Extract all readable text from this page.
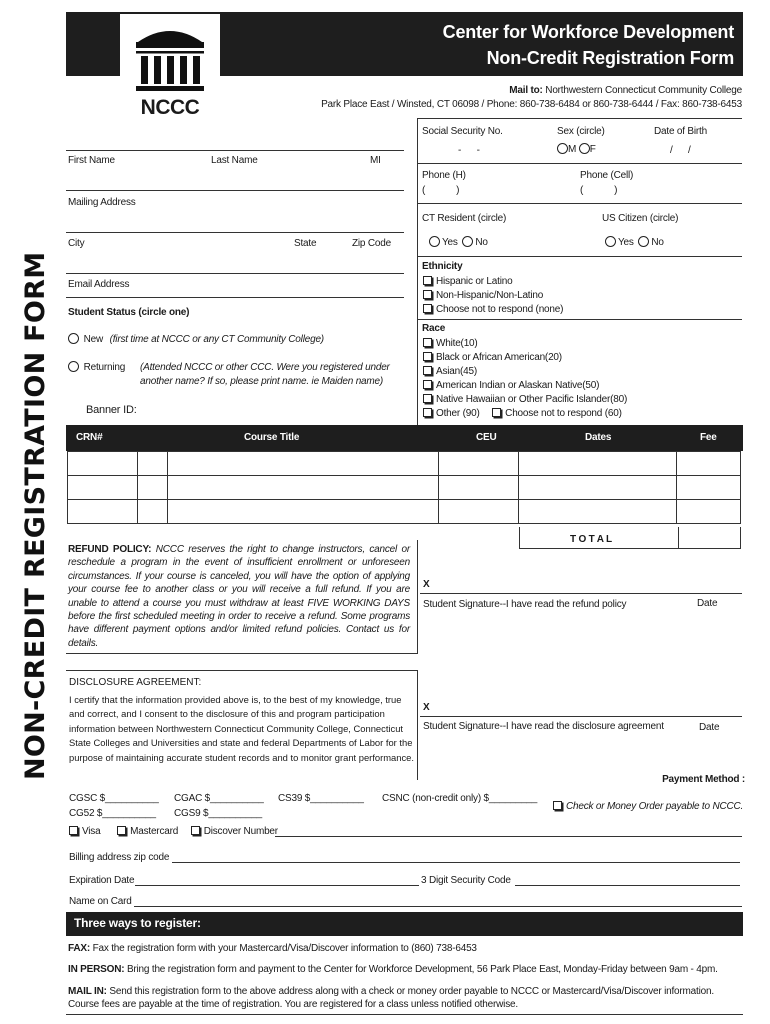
NON-CREDIT REGISTRATION FORM
NCCC
Center for Workforce Development
Non-Credit Registration Form
Mail to: Northwestern Connecticut Community College
Park Place East / Winsted, CT 06098 / Phone: 860-738-6484 or 860-738-6444 / Fax: 860-738-6453
First Name	Last Name	MI
Mailing Address
City	State	Zip Code
Email Address
Student Status (circle one)
New (first time at NCCC or any CT Community College)
Returning (Attended NCCC or other CCC. Were you registered under
another name? If so, please print name. ie Maiden name)
Banner ID:
Social Security No.
-      -
Sex (circle)
M F
Date of Birth
/      /
Phone (H)
(            )
Phone (Cell)
(            )
CT Resident (circle)
Yes No
US Citizen (circle)
Yes No
Ethnicity
Hispanic or Latino
Non-Hispanic/Non-Latino
Choose not to respond (none)
Race
White(10)
Black or African American(20)
Asian(45)
American Indian or Alaskan Native(50)
Native Hawaiian or Other Pacific Islander(80)
Other (90)	Choose not to respond (60)
CRN#	Course Title	CEU	Dates	Fee

T O T A L
REFUND POLICY: NCCC reserves the right to change instructors, cancel or reschedule a program in the event of insufficient enrollment or unforeseen circumstances. If your course is canceled, you will have the option of applying your course fee to another class or you will receive a full refund. If you are unable to attend a course you must withdraw at least FIVE WORKING DAYS before the first scheduled meeting in order to receive a refund. Some programs have different payment options and/or limited refund policies. Contact us for details.
X
Student Signature--I have read the refund policy	Date
DISCLOSURE AGREEMENT:
I certify that the information provided above is, to the best of my knowledge, true and correct, and I consent to the disclosure of this and program participation information between Northwestern Connecticut Community College, Connecticut State Colleges and Universities and state and federal Departments of Labor for the purpose of maintaining accurate student records and to monitor grant performance.
X
Student Signature--I have read the disclosure agreement	Date
Payment Method :
CGSC $__________ CGAC $__________ CS39 $__________ CSNC (non-credit only) $_________
CG52 $__________ CGS9 $__________
Check or Money Order payable to NCCC.
Visa	Mastercard	Discover Number
Billing address zip code
Expiration Date	3 Digit Security Code
Name on Card
Three ways to register:
FAX: Fax the registration form with your Mastercard/Visa/Discover information to (860) 738-6453
IN PERSON: Bring the registration form and payment to the Center for Workforce Development, 56 Park Place East, Monday-Friday between 9am - 4pm.
MAIL IN: Send this registration form to the above address along with a check or money order payable to NCCC or Mastercard/Visa/Discover information.
Course fees are payable at the time of registration. You are registered for a class unless notified otherwise.
